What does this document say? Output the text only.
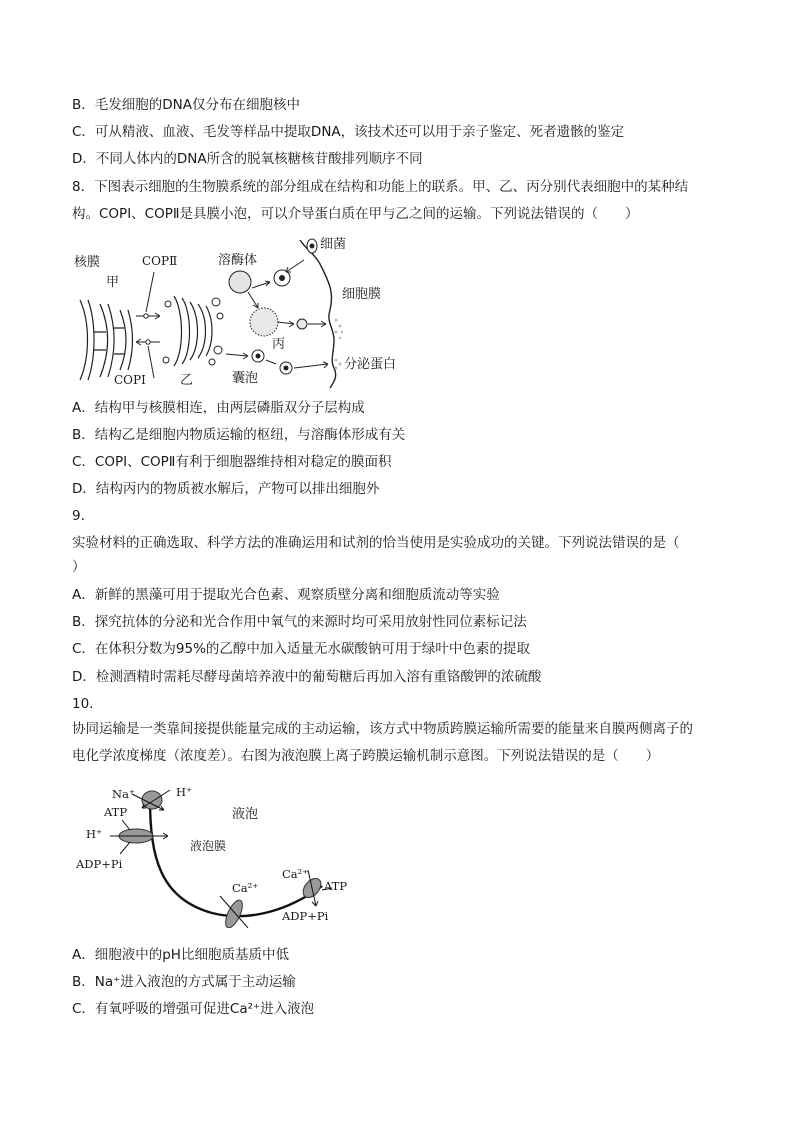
B．毛发细胞的DNA仅分布在细胞核中
C．可从精液、血液、毛发等样品中提取DNA，该技术还可以用于亲子鉴定、死者遗骸的鉴定
D．不同人体内的DNA所含的脱氧核糖核苷酸排列顺序不同
8．下图表示细胞的生物膜系统的部分组成在结构和功能上的联系。甲、乙、丙分别代表细胞中的某种结
构。COPⅠ、COPⅡ是具膜小泡，可以介导蛋白质在甲与乙之间的运输。下列说法错误的（　　）
核膜
甲
COPⅡ
COPⅠ	乙
溶酶体
细菌
细胞膜
丙
囊泡
分泌蛋白
A．结构甲与核膜相连，由两层磷脂双分子层构成
B．结构乙是细胞内物质运输的枢纽，与溶酶体形成有关
C．COPⅠ、COPⅡ有利于细胞器维持相对稳定的膜面积
D．结构丙内的物质被水解后，产物可以排出细胞外
9.
实验材料的正确选取、科学方法的准确运用和试剂的恰当使用是实验成功的关键。下列说法错误的是（
）
A．新鲜的黑藻可用于提取光合色素、观察质壁分离和细胞质流动等实验
B．探究抗体的分泌和光合作用中氧气的来源时均可采用放射性同位素标记法
C．在体积分数为95%的乙醇中加入适量无水碳酸钠可用于绿叶中色素的提取
D．检测酒精时需耗尽酵母菌培养液中的葡萄糖后再加入溶有重铬酸钾的浓硫酸
10.
协同运输是一类靠间接提供能量完成的主动运输，该方式中物质跨膜运输所需要的能量来自膜两侧离子的
电化学浓度梯度（浓度差）。右图为液泡膜上离子跨膜运输机制示意图。下列说法错误的是（　　）
Na⁺	H⁺
ATP
H⁺
ADP+Pi
液泡
液泡膜
Ca²⁺
Ca²⁺
ATP
ADP+Pi
A．细胞液中的pH比细胞质基质中低
B．Na⁺进入液泡的方式属于主动运输
C．有氧呼吸的增强可促进Ca²⁺进入液泡
